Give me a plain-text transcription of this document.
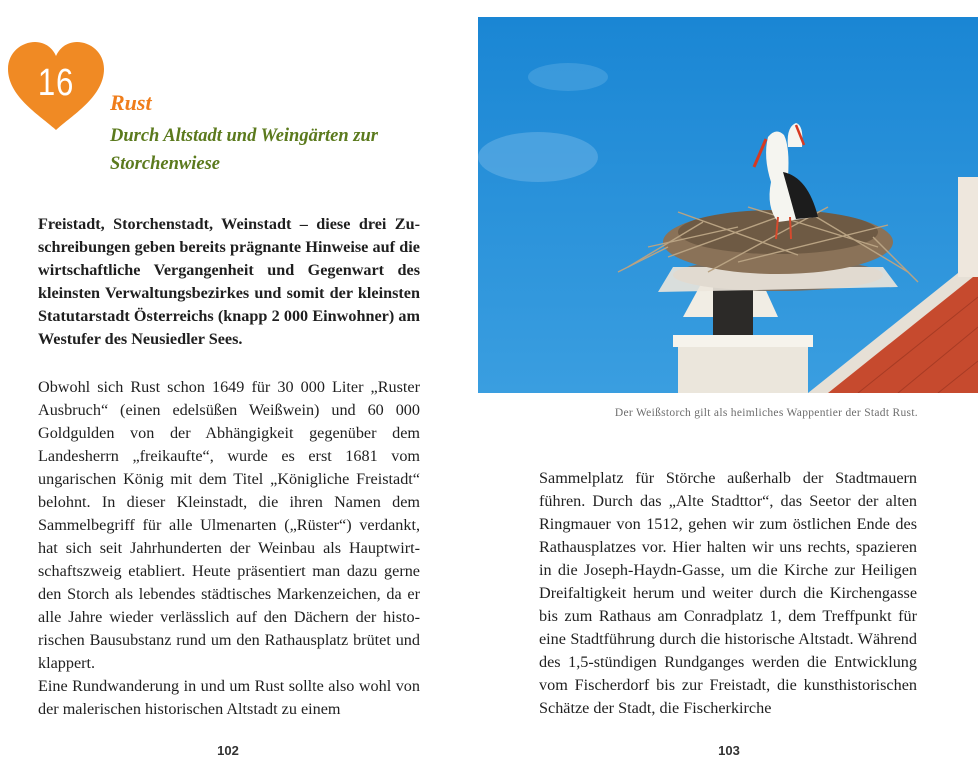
16	Rust
Durch Altstadt und Weingärten zur Storchenwiese

Freistadt, Storchenstadt, Weinstadt – diese drei Zuschreibungen geben bereits prägnante Hinweise auf die wirtschaftliche Vergangenheit und Gegenwart des kleinsten Verwaltungsbezirkes und somit der kleinsten Statutarstadt Österreichs (knapp 2 000 Einwohner) am Westufer des Neusiedler Sees.

Obwohl sich Rust schon 1649 für 30 000 Liter „Ruster Ausbruch“ (einen edelsüßen Weißwein) und 60 000 Goldgulden von der Abhängigkeit gegenüber dem Landesherrn „freikaufte“, wurde es erst 1681 vom ungarischen König mit dem Titel „Königliche Freistadt“ belohnt. In dieser Kleinstadt, die ihren Namen dem Sammelbegriff für alle Ulmenarten („Rüster“) verdankt, hat sich seit Jahrhunderten der Weinbau als Hauptwirtschaftszweig etabliert. Heute präsentiert man dazu gerne den Storch als lebendes städtisches Markenzeichen, da er alle Jahre wieder verlässlich auf den Dächern der historischen Bausubstanz rund um den Rathausplatz brütet und klappert.

Eine Rundwanderung in und um Rust sollte also wohl von der malerischen historischen Altstadt zu einem

102
Der Weißstorch gilt als heimliches Wappentier der Stadt Rust.

Sammelplatz für Störche außerhalb der Stadtmauern führen. Durch das „Alte Stadttor“, das Seetor der alten Ringmauer von 1512, gehen wir zum östlichen Ende des Rathausplatzes vor. Hier halten wir uns rechts, spazieren in die Joseph-Haydn-Gasse, um die Kirche zur Heiligen Dreifaltigkeit herum und weiter durch die Kirchengasse bis zum Rathaus am Conradplatz 1, dem Treffpunkt für eine Stadtführung durch die historische Altstadt. Während des 1,5-stündigen Rundganges werden die Entwicklung vom Fischerdorf bis zur Freistadt, die kunsthistorischen Schätze der Stadt, die Fischerkirche

103
